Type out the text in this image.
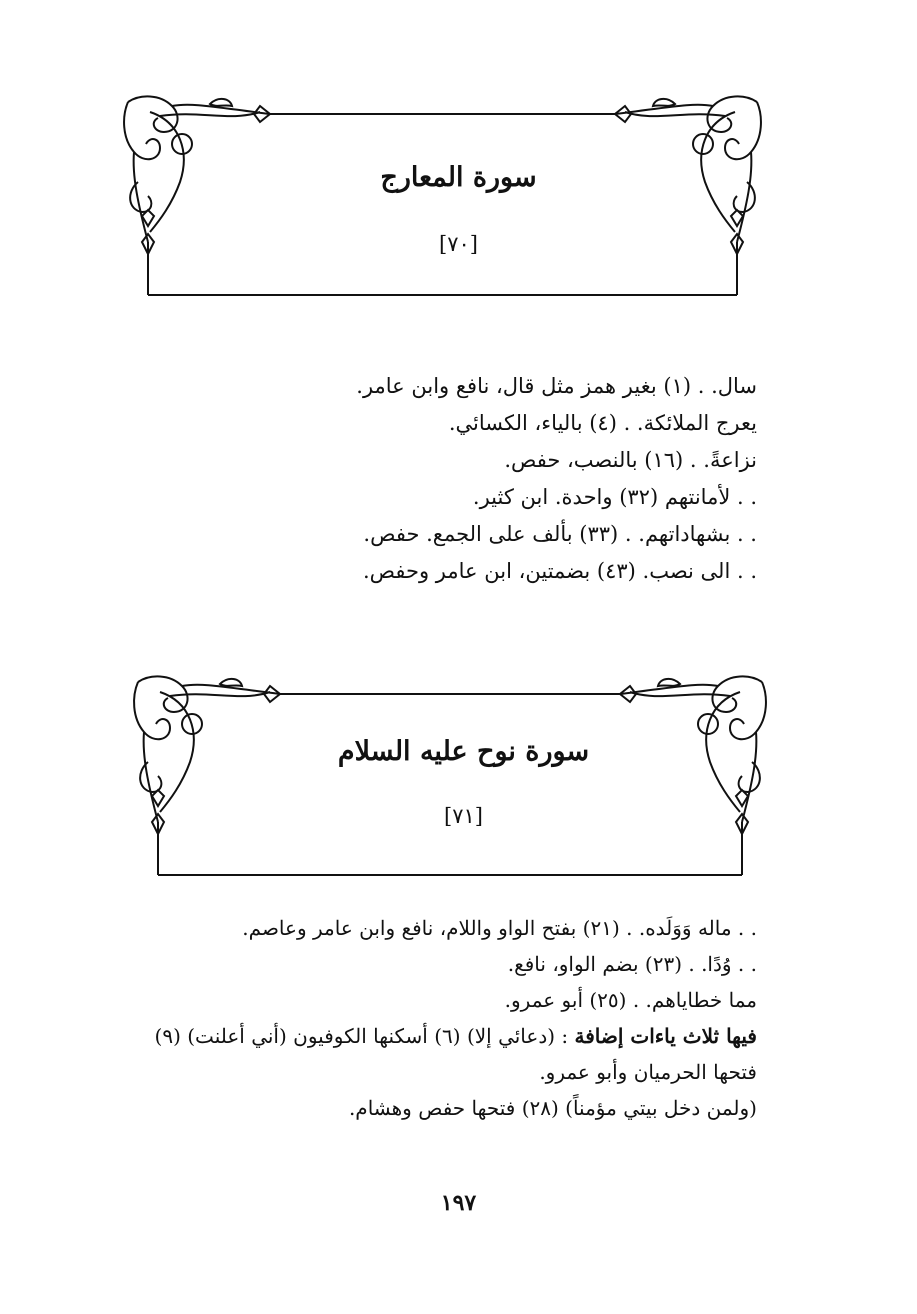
سورة المعارج
[٧٠]
سال. . (١) بغير همز مثل قال، نافع وابن عامر.
يعرج الملائكة. . (٤) بالياء، الكسائي.
نزاعةً. . (١٦) بالنصب، حفص.
. . لأمانتهم (٣٢) واحدة. ابن كثير.
. . بشهاداتهم. . (٣٣) بألف على الجمع. حفص.
. . الى نصب. (٤٣) بضمتين، ابن عامر وحفص.
سورة نوح عليه السلام
[٧١]
. . ماله وَوَلَده. . (٢١) بفتح الواو واللام، نافع وابن عامر وعاصم.
. . وُدًا. . (٢٣) بضم الواو، نافع.
مما خطاياهم. . (٢٥) أبو عمرو.
فيها ثلاث ياءات إضافة : (دعائي إلا) (٦) أسكنها الكوفيون (أني أعلنت) (٩)
فتحها الحرميان وأبو عمرو.
(ولمن دخل بيتي مؤمناً) (٢٨) فتحها حفص وهشام.
١٩٧
